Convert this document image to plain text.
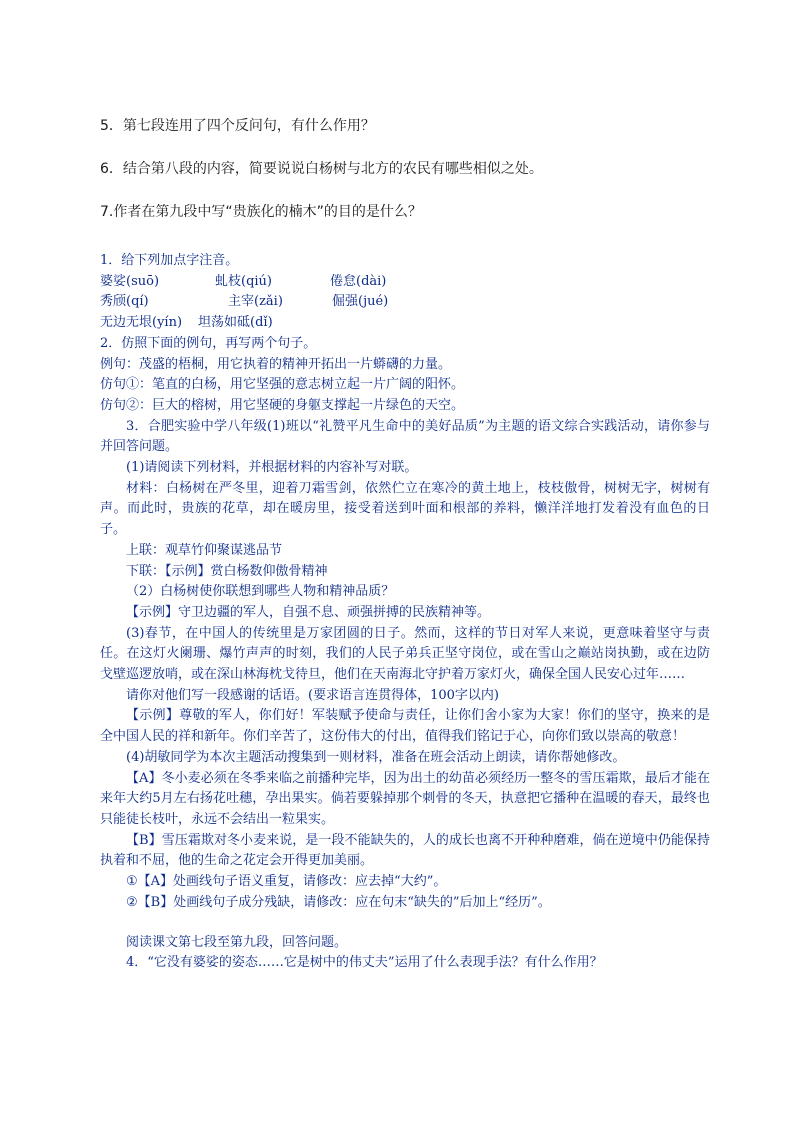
5．第七段连用了四个反问句，有什么作用？
6．结合第八段的内容，简要说说白杨树与北方的农民有哪些相似之处。
7.作者在第九段中写“贵族化的楠木”的目的是什么？

1．给下列加点字注音。

婆娑(suō)	虬枝(qiú)	倦怠(dài)

秀颀(qí)	主宰(zǎi)	倔强(jué)

无边无垠(yín) 坦荡如砥(dǐ)

2．仿照下面的例句，再写两个句子。

例句：茂盛的梧桐，用它执着的精神开拓出一片蟒礴的力量。

仿句①：笔直的白杨，用它坚强的意志树立起一片广阔的阳怀。

仿句②：巨大的榕树，用它坚硬的身躯支撑起一片绿色的天空。

3．合肥实验中学八年级(1)班以“礼赞平凡生命中的美好品质”为主题的语文综合实践活动，请你参与并回答问题。

(1)请阅读下列材料，并根据材料的内容补写对联。

材料：白杨树在严冬里，迎着刀霜雪剑，依然伫立在寒冷的黄土地上，枝枝傲骨，树树无字，树树有声。而此时，贵族的花草，却在暖房里，接受着送到叶面和根部的养料，懒洋洋地打发着没有血色的日子。

上联：观草竹仰聚谋逃品节

下联：【示例】赏白杨数仰傲骨精神

（2）白杨树使你联想到哪些人物和精神品质？

【示例】守卫边疆的军人，自强不息、顽强拼搏的民族精神等。

(3)春节，在中国人的传统里是万家团圆的日子。然而，这样的节日对军人来说，更意味着坚守与责任。在这灯火阑珊、爆竹声声的时刻，我们的人民子弟兵正坚守岗位，或在雪山之巅站岗执勤，或在边防戈壁巡逻放哨，或在深山林海枕戈待旦，他们在天南海北守护着万家灯火，确保全国人民安心过年……

请你对他们写一段感谢的话语。(要求语言连贯得体，100字以内)

【示例】尊敬的军人，你们好！军装赋予使命与责任，让你们舍小家为大家！你们的坚守，换来的是全中国人民的祥和新年。你们辛苦了，这份伟大的付出，值得我们铭记于心，向你们致以崇高的敬意！

(4)胡敏同学为本次主题活动搜集到一则材料，准备在班会活动上朗读，请你帮她修改。

【A】冬小麦必须在冬季来临之前播种完毕，因为出土的幼苗必须经历一整冬的雪压霜欺，最后才能在来年大约5月左右扬花吐穗，孕出果实。倘若要躲掉那个刺骨的冬天，执意把它播种在温暖的春天，最终也只能徒长枝叶，永远不会结出一粒果实。

【B】雪压霜欺对冬小麦来说，是一段不能缺失的，人的成长也离不开种种磨难，倘在逆境中仍能保持执着和不屈，他的生命之花定会开得更加美丽。

①【A】处画线句子语义重复，请修改：应去掉“大约”。

②【B】处画线句子成分残缺，请修改：应在句末“缺失的”后加上“经历”。

阅读课文第七段至第九段，回答问题。

4．“它没有婆娑的姿态……它是树中的伟丈夫”运用了什么表现手法？有什么作用？
